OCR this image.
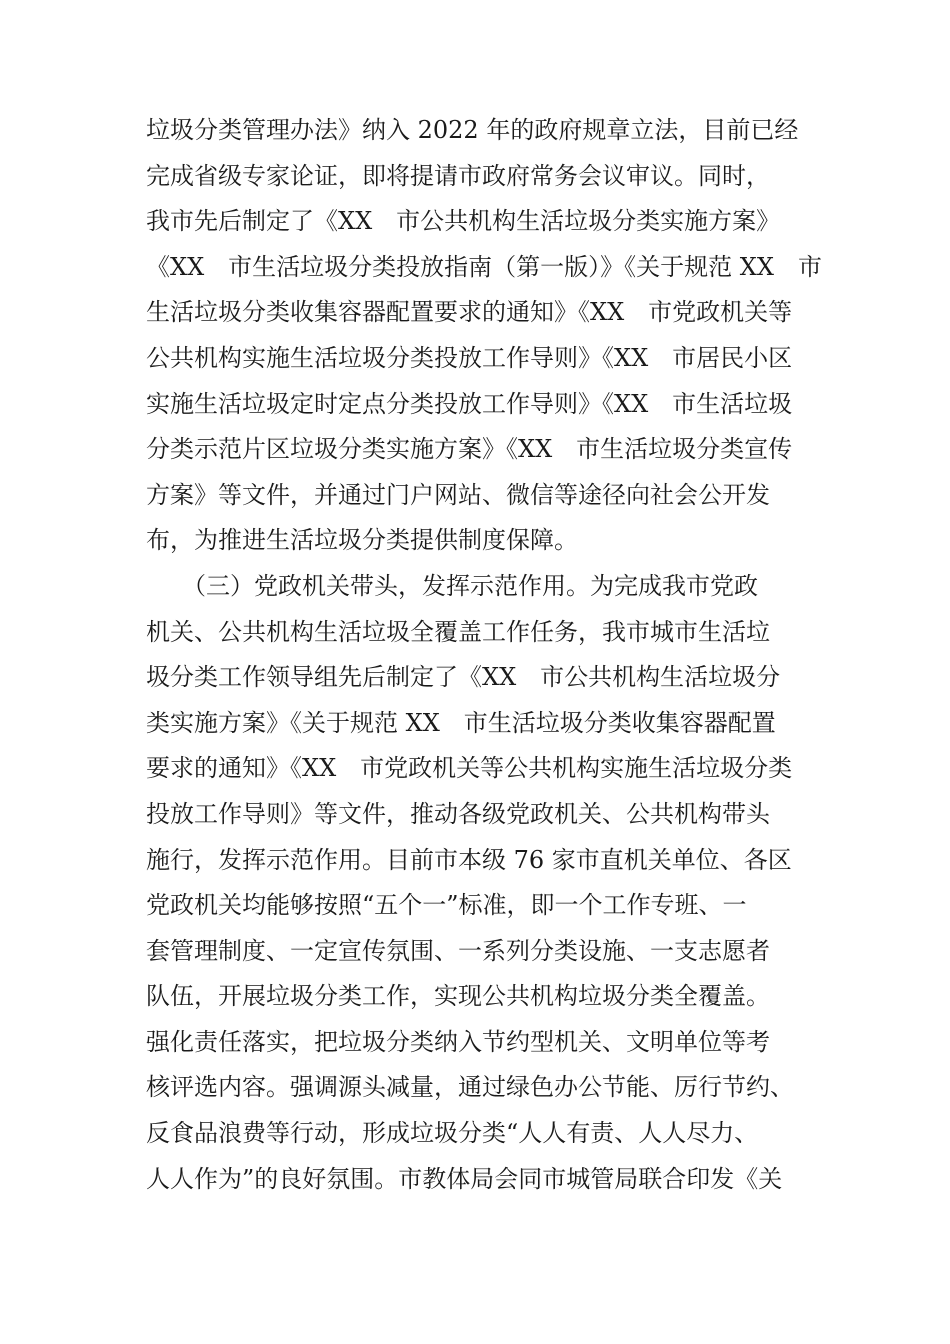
垃圾分类管理办法》纳入 2022 年的政府规章立法，目前已经
完成省级专家论证，即将提请市政府常务会议审议。同时，
我市先后制定了《XX　市公共机构生活垃圾分类实施方案》
《XX　市生活垃圾分类投放指南（第一版）》《关于规范 XX　市
生活垃圾分类收集容器配置要求的通知》《XX　市党政机关等
公共机构实施生活垃圾分类投放工作导则》《XX　市居民小区
实施生活垃圾定时定点分类投放工作导则》《XX　市生活垃圾
分类示范片区垃圾分类实施方案》《XX　市生活垃圾分类宣传
方案》等文件，并通过门户网站、微信等途径向社会公开发
布，为推进生活垃圾分类提供制度保障。
　　（三）党政机关带头，发挥示范作用。为完成我市党政
机关、公共机构生活垃圾全覆盖工作任务，我市城市生活垃
圾分类工作领导组先后制定了《XX　市公共机构生活垃圾分
类实施方案》《关于规范 XX　市生活垃圾分类收集容器配置
要求的通知》《XX　市党政机关等公共机构实施生活垃圾分类
投放工作导则》等文件，推动各级党政机关、公共机构带头
施行，发挥示范作用。目前市本级 76 家市直机关单位、各区
党政机关均能够按照“五个一”标准，即一个工作专班、一
套管理制度、一定宣传氛围、一系列分类设施、一支志愿者
队伍，开展垃圾分类工作，实现公共机构垃圾分类全覆盖。
强化责任落实，把垃圾分类纳入节约型机关、文明单位等考
核评选内容。强调源头减量，通过绿色办公节能、厉行节约、
反食品浪费等行动，形成垃圾分类“人人有责、人人尽力、
人人作为”的良好氛围。市教体局会同市城管局联合印发《关
